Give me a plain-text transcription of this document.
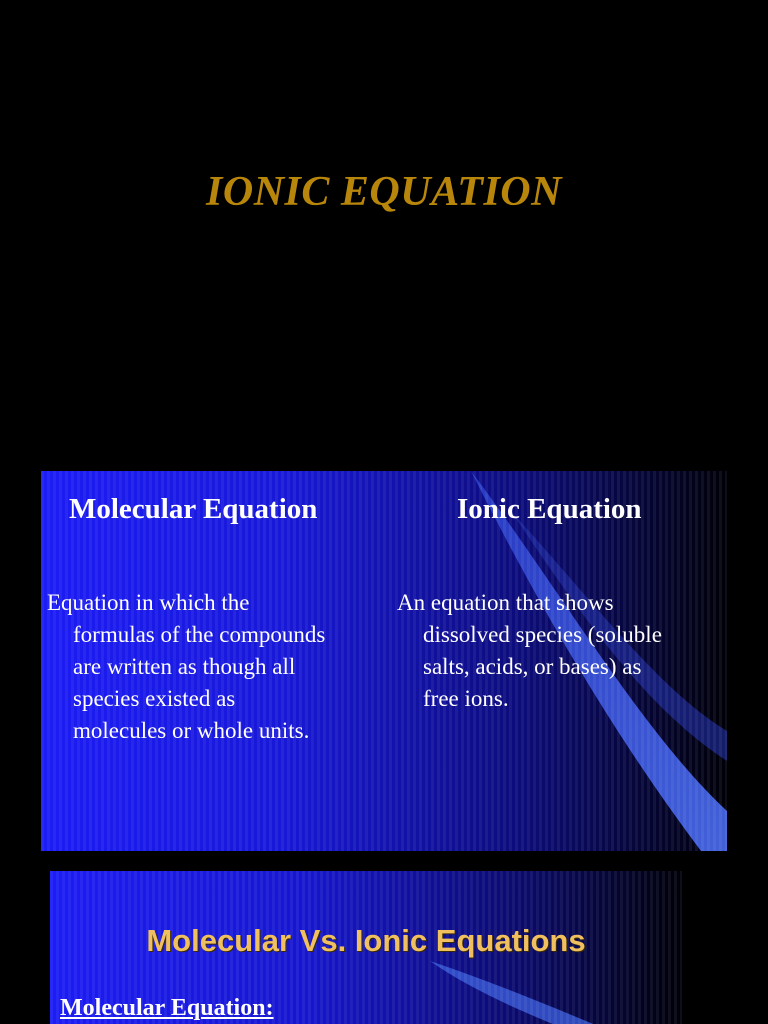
IONIC EQUATION
Molecular Equation	Ionic Equation
Equation in which the
formulas of the compounds
are written as though all
species existed as
molecules or whole units.
An equation that shows
dissolved species (soluble
salts, acids, or bases) as
free ions.
Molecular Vs. Ionic Equations
Molecular Equation:
